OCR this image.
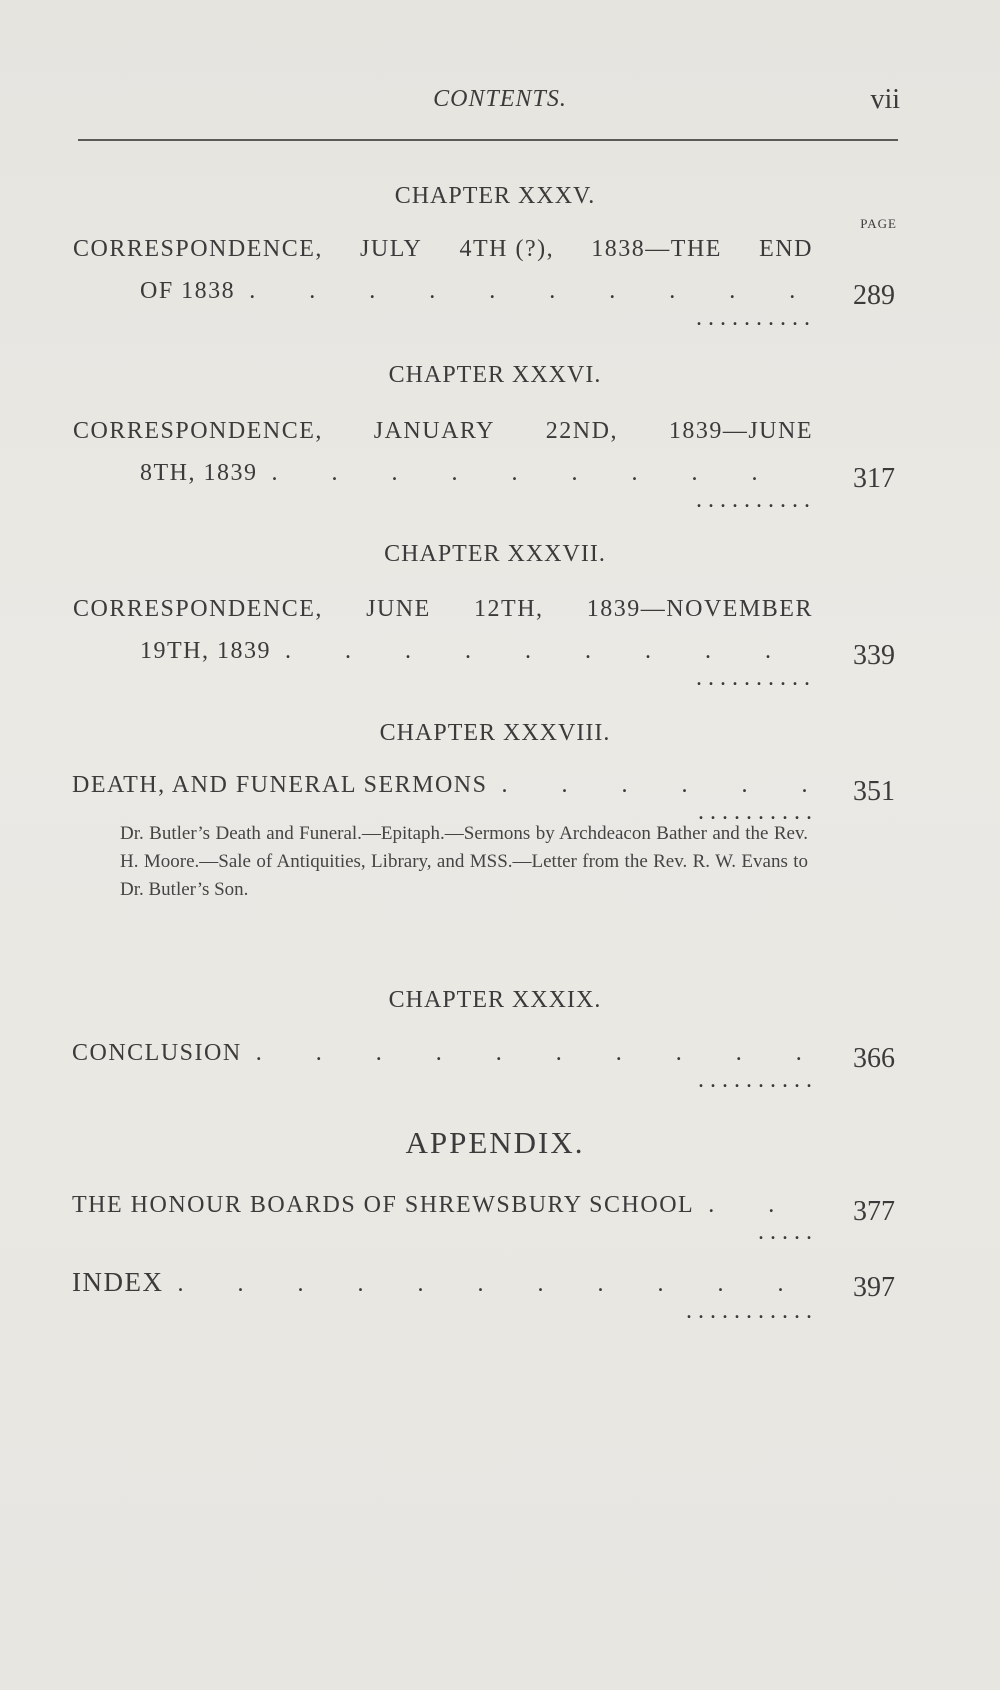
CONTENTS.	vii
PAGE
CHAPTER XXXV.
CORRESPONDENCE, JULY 4TH (?), 1838—THE END
OF 1838
.    . . . . . . . . . .
289
CHAPTER XXXVI.
CORRESPONDENCE, JANUARY 22ND, 1839—JUNE
8TH, 1839
.    . . . . . . . . . .
317
CHAPTER XXXVII.
CORRESPONDENCE, JUNE 12TH, 1839—NOVEMBER
19TH, 1839
.    . . . . . . . . . .
339
CHAPTER XXXVIII.
DEATH, AND FUNERAL SERMONS
.    . . . . . . . . . .
351
Dr. Butler’s Death and Funeral.—Epitaph.—Sermons by Archdeacon Bather and the Rev. H. Moore.—Sale of Antiquities, Library, and MSS.—Letter from the Rev. R. W. Evans to Dr. Butler’s Son.
CHAPTER XXXIX.
CONCLUSION
.    . . . . . . . . . .
366
APPENDIX.
THE HONOUR BOARDS OF SHREWSBURY SCHOOL
.    . . . . .
377
INDEX
.    . . . . . . . . . . .
397
